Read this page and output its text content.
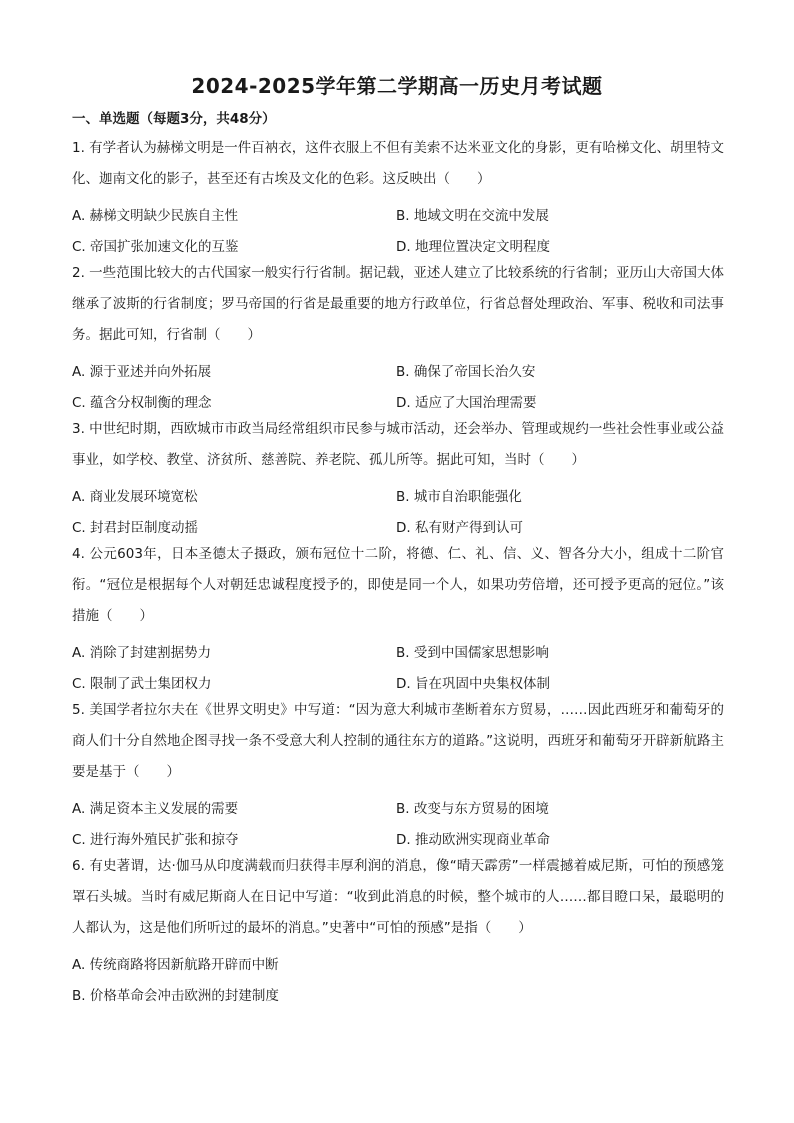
2024-2025学年第二学期高一历史月考试题
一、单选题（每题3分，共48分）
1. 有学者认为赫梯文明是一件百衲衣，这件衣服上不但有美索不达米亚文化的身影，更有哈梯文化、胡里特文化、迦南文化的影子，甚至还有古埃及文化的色彩。这反映出（　　）
A. 赫梯文明缺少民族自主性	B. 地域文明在交流中发展
C. 帝国扩张加速文化的互鉴	D. 地理位置决定文明程度
2. 一些范围比较大的古代国家一般实行行省制。据记载，亚述人建立了比较系统的行省制；亚历山大帝国大体继承了波斯的行省制度；罗马帝国的行省是最重要的地方行政单位，行省总督处理政治、军事、税收和司法事务。据此可知，行省制（　　）
A. 源于亚述并向外拓展	B. 确保了帝国长治久安
C. 蕴含分权制衡的理念	D. 适应了大国治理需要
3. 中世纪时期，西欧城市市政当局经常组织市民参与城市活动，还会举办、管理或规约一些社会性事业或公益事业，如学校、教堂、济贫所、慈善院、养老院、孤儿所等。据此可知，当时（　　）
A. 商业发展环境宽松	B. 城市自治职能强化
C. 封君封臣制度动摇	D. 私有财产得到认可
4. 公元603年，日本圣德太子摄政，颁布冠位十二阶，将德、仁、礼、信、义、智各分大小，组成十二阶官衔。“冠位是根据每个人对朝廷忠诚程度授予的，即使是同一个人，如果功劳倍增，还可授予更高的冠位。”该措施（　　）
A. 消除了封建割据势力	B. 受到中国儒家思想影响
C. 限制了武士集团权力	D. 旨在巩固中央集权体制
5. 美国学者拉尔夫在《世界文明史》中写道：“因为意大利城市垄断着东方贸易，……因此西班牙和葡萄牙的商人们十分自然地企图寻找一条不受意大利人控制的通往东方的道路。”这说明，西班牙和葡萄牙开辟新航路主要是基于（　　）
A. 满足资本主义发展的需要	B. 改变与东方贸易的困境
C. 进行海外殖民扩张和掠夺	D. 推动欧洲实现商业革命
6. 有史著谓，达·伽马从印度满载而归获得丰厚利润的消息，像“晴天霹雳”一样震撼着威尼斯，可怕的预感笼罩石头城。当时有威尼斯商人在日记中写道：“收到此消息的时候，整个城市的人……都目瞪口呆，最聪明的人都认为，这是他们所听过的最坏的消息。”史著中“可怕的预感”是指（　　）
A. 传统商路将因新航路开辟而中断
B. 价格革命会冲击欧洲的封建制度
